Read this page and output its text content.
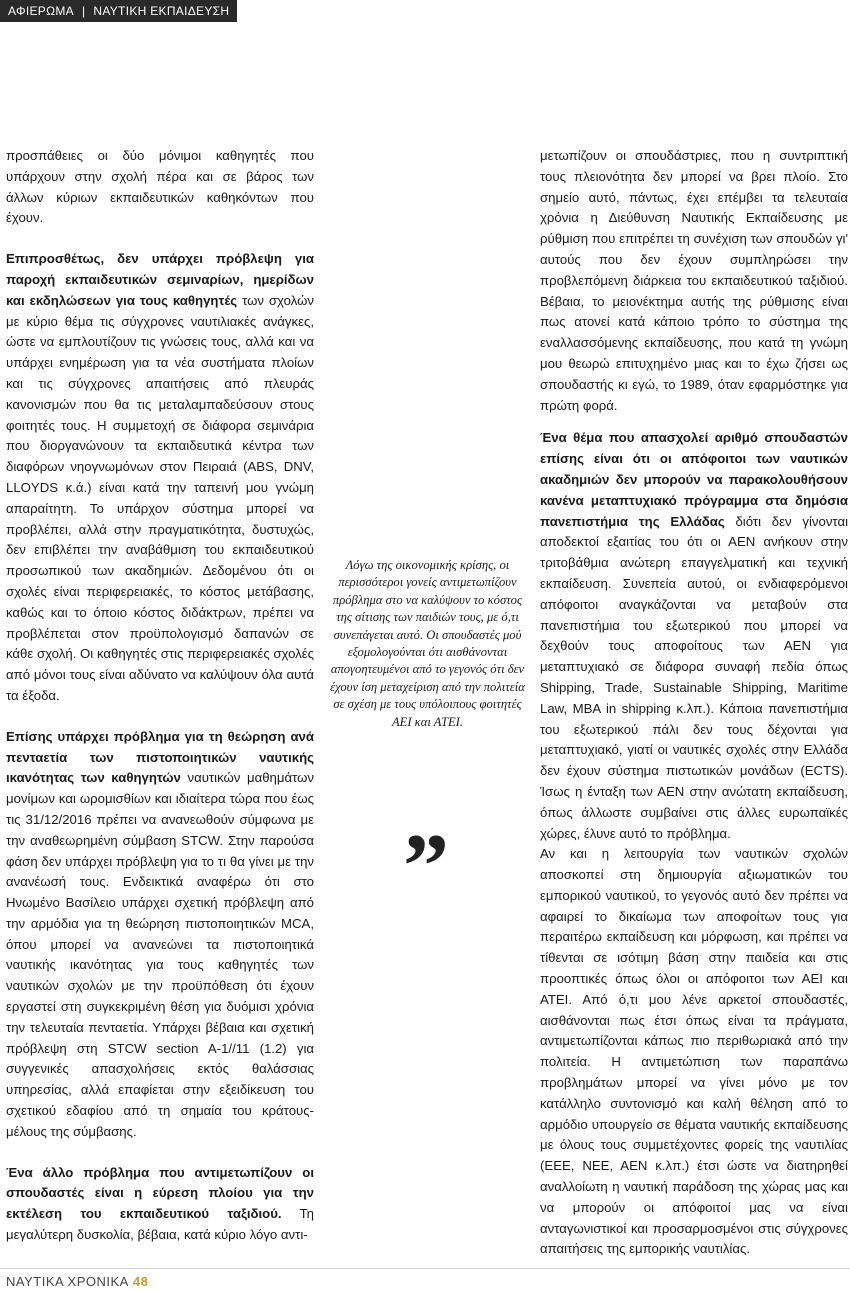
ΑΦΙΕΡΩΜΑ | ΝΑΥΤΙΚΗ ΕΚΠΑΙΔΕΥΣΗ

προσπάθειες οι δύο μόνιμοι καθηγητές που υπάρχουν στην σχολή πέρα και σε βάρος των άλλων κύριων εκπαιδευτικών καθηκόντων που έχουν.

Επιπροσθέτως, δεν υπάρχει πρόβλεψη για παροχή εκπαιδευτικών σεμιναρίων, ημερίδων και εκδηλώσεων για τους καθηγητές των σχολών με κύριο θέμα τις σύγχρονες ναυτιλιακές ανάγκες, ώστε να εμπλουτίζουν τις γνώσεις τους, αλλά και να υπάρχει ενημέρωση για τα νέα συστήματα πλοίων και τις σύγχρονες απαιτήσεις από πλευράς κανονισμών που θα τις μεταλαμπαδεύσουν στους φοιτητές τους. Η συμμετοχή σε διάφορα σεμινάρια που διοργανώνουν τα εκπαιδευτικά κέντρα των διαφόρων νηογνωμόνων στον Πειραιά (ABS, DNV, LLOYDS κ.ά.) είναι κατά την ταπεινή μου γνώμη απαραίτητη. Το υπάρχον σύστημα μπορεί να προβλέπει, αλλά στην πραγματικότητα, δυστυχώς, δεν επιβλέπει την αναβάθμιση του εκπαιδευτικού προσωπικού των ακαδημιών. Δεδομένου ότι οι σχολές είναι περιφερειακές, το κόστος μετάβασης, καθώς και το όποιο κόστος διδάκτρων, πρέπει να προβλέπεται στον προϋπολογισμό δαπανών σε κάθε σχολή. Οι καθηγητές στις περιφερειακές σχολές από μόνοι τους είναι αδύνατο να καλύψουν όλα αυτά τα έξοδα.

Επίσης υπάρχει πρόβλημα για τη θεώρηση ανά πενταετία των πιστοποιητικών ναυτικής ικανότητας των καθηγητών ναυτικών μαθημάτων μονίμων και ωρομισθίων και ιδιαίτερα τώρα που έως τις 31/12/2016 πρέπει να ανανεωθούν σύμφωνα με την αναθεωρημένη σύμβαση STCW. Στην παρούσα φάση δεν υπάρχει πρόβλεψη για το τι θα γίνει με την ανανέωσή τους. Ενδεικτικά αναφέρω ότι στο Ηνωμένο Βασίλειο υπάρχει σχετική πρόβλεψη από την αρμόδια για τη θεώρηση πιστοποιητικών MCA, όπου μπορεί να ανανεώνει τα πιστοποιητικά ναυτικής ικανότητας για τους καθηγητές των ναυτικών σχολών με την προϋπόθεση ότι έχουν εργαστεί στη συγκεκριμένη θέση για δυόμισι χρόνια την τελευταία πενταετία. Υπάρχει βέβαια και σχετική πρόβλεψη στη STCW section A-1//11 (1.2) για συγγενικές απασχολήσεις εκτός θαλάσσιας υπηρεσίας, αλλά επαφίεται στην εξειδίκευση του σχετικού εδαφίου από τη σημαία του κράτους-μέλους της σύμβασης.

Ένα άλλο πρόβλημα που αντιμετωπίζουν οι σπουδαστές είναι η εύρεση πλοίου για την εκτέλεση του εκπαιδευτικού ταξιδιού. Τη μεγαλύτερη δυσκολία, βέβαια, κατά κύριο λόγο αντι-

Λόγω της οικονομικής κρίσης, οι περισσότεροι γονείς αντιμετωπίζουν πρόβλημα στο να καλύψουν το κόστος της σίτισης των παιδιών τους, με ό,τι συνεπάγεται αυτό. Οι σπουδαστές μού εξομολογούνται ότι αισθάνονται απογοητευμένοι από το γεγονός ότι δεν έχουν ίση μεταχείριση από την πολιτεία σε σχέση με τους υπόλοιπους φοιτητές ΑΕΙ και ΑΤΕΙ.
”

μετωπίζουν οι σπουδάστριες, που η συντριπτική τους πλειονότητα δεν μπορεί να βρει πλοίο. Στο σημείο αυτό, πάντως, έχει επέμβει τα τελευταία χρόνια η Διεύθυνση Ναυτικής Εκπαίδευσης με ρύθμιση που επιτρέπει τη συνέχιση των σπουδών γι' αυτούς που δεν έχουν συμπληρώσει την προβλεπόμενη διάρκεια του εκπαιδευτικού ταξιδιού. Βέβαια, το μειονέκτημα αυτής της ρύθμισης είναι πως ατονεί κατά κάποιο τρόπο το σύστημα της εναλλασσόμενης εκπαίδευσης, που κατά τη γνώμη μου θεωρώ επιτυχημένο μιας και το έχω ζήσει ως σπουδαστής κι εγώ, το 1989, όταν εφαρμόστηκε για πρώτη φορά.

Ένα θέμα που απασχολεί αριθμό σπουδαστών επίσης είναι ότι οι απόφοιτοι των ναυτικών ακαδημιών δεν μπορούν να παρακολουθήσουν κανένα μεταπτυχιακό πρόγραμμα στα δημόσια πανεπιστήμια της Ελλάδας διότι δεν γίνονται αποδεκτοί εξαιτίας του ότι οι ΑΕΝ ανήκουν στην τριτοβάθμια ανώτερη επαγγελματική και τεχνική εκπαίδευση. Συνεπεία αυτού, οι ενδιαφερόμενοι απόφοιτοι αναγκάζονται να μεταβούν στα πανεπιστήμια του εξωτερικού που μπορεί να δεχθούν τους αποφοίτους των ΑΕΝ για μεταπτυχιακό σε διάφορα συναφή πεδία όπως Shipping, Trade, Sustainable Shipping, Maritime Law, MBA in shipping κ.λπ.). Κάποια πανεπιστήμια του εξωτερικού πάλι δεν τους δέχονται για μεταπτυχιακό, γιατί οι ναυτικές σχολές στην Ελλάδα δεν έχουν σύστημα πιστωτικών μονάδων (ECTS). Ίσως η ένταξη των ΑΕΝ στην ανώτατη εκπαίδευση, όπως άλλωστε συμβαίνει στις άλλες ευρωπαϊκές χώρες, έλυνε αυτό το πρόβλημα.

Αν και η λειτουργία των ναυτικών σχολών αποσκοπεί στη δημιουργία αξιωματικών του εμπορικού ναυτικού, το γεγονός αυτό δεν πρέπει να αφαιρεί το δικαίωμα των αποφοίτων τους για περαιτέρω εκπαίδευση και μόρφωση, και πρέπει να τίθενται σε ισότιμη βάση στην παιδεία και στις προοπτικές όπως όλοι οι απόφοιτοι των ΑΕΙ και ΑΤΕΙ. Από ό,τι μου λένε αρκετοί σπουδαστές, αισθάνονται πως έτσι όπως είναι τα πράγματα, αντιμετωπίζονται κάπως πιο περιθωριακά από την πολιτεία. Η αντιμετώπιση των παραπάνω προβλημάτων μπορεί να γίνει μόνο με τον κατάλληλο συντονισμό και καλή θέληση από το αρμόδιο υπουργείο σε θέματα ναυτικής εκπαίδευσης με όλους τους συμμετέχοντες φορείς της ναυτιλίας (ΕΕΕ, ΝΕΕ, ΑΕΝ κ.λπ.) έτσι ώστε να διατηρηθεί αναλλοίωτη η ναυτική παράδοση της χώρας μας και να μπορούν οι απόφοιτοί μας να είναι ανταγωνιστικοί και προσαρμοσμένοι στις σύγχρονες απαιτήσεις της εμπορικής ναυτιλίας.

ΝΑΥΤΙΚΑ ΧΡΟΝΙΚΑ 48
